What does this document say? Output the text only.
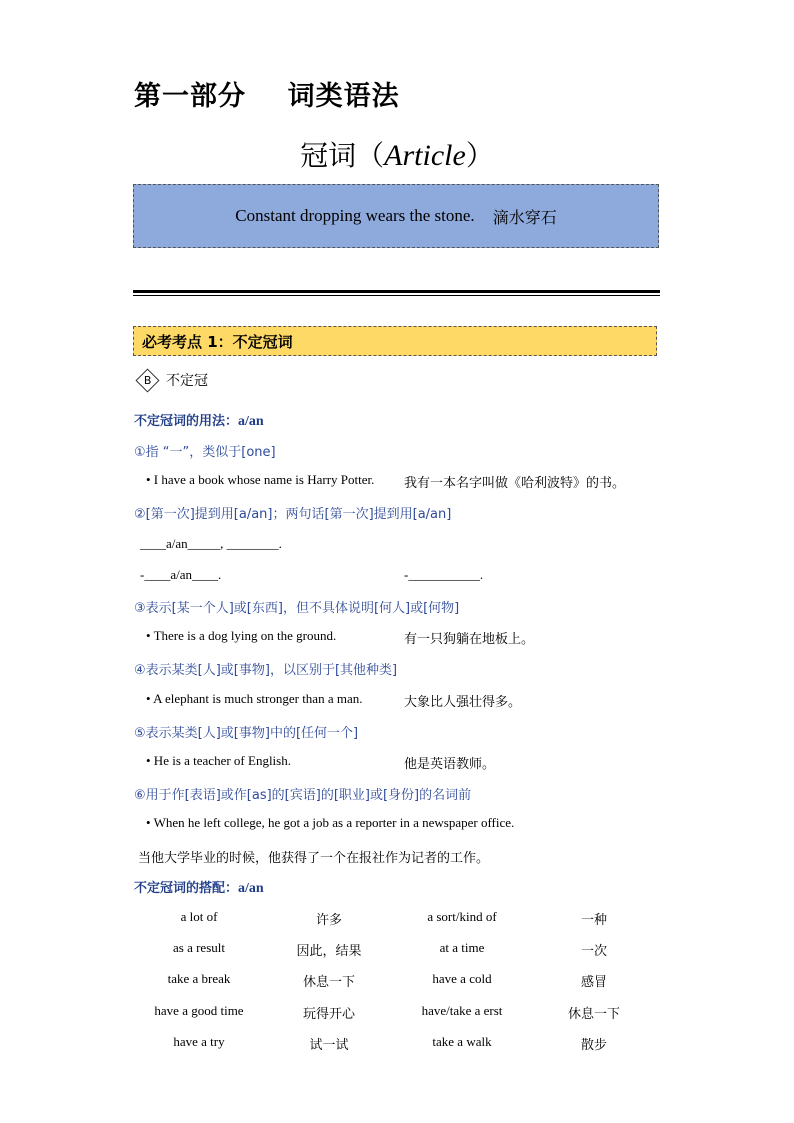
第一部分    词类语法
冠词（Article）
Constant dropping wears the stone. 滴水穿石
必考考点 1：不定冠词
B 不定冠
不定冠词的用法：a/an
①指 “一”，类似于[one]
• I have a book whose name is Harry Potter. 我有一本名字叫做《哈利波特》的书。
②[第一次]提到用[a/an]；两句话[第一次]提到用[a/an]
____a/an_____, ________.
-____a/an____.	-___________.
③表示[某一个人]或[东西]，但不具体说明[何人]或[何物]
• There is a dog lying on the ground.	有一只狗躺在地板上。
④表示某类[人]或[事物]，以区别于[其他种类]
• A elephant is much stronger than a man.	大象比人强壮得多。
⑤表示某类[人]或[事物]中的[任何一个]
• He is a teacher of English.	他是英语教师。
⑥用于作[表语]或作[as]的[宾语]的[职业]或[身份]的名词前
• When he left college, he got a job as a reporter in a newspaper office.
当他大学毕业的时候，他获得了一个在报社作为记者的工作。
不定冠词的搭配：a/an
a lot of	许多	a sort/kind of	一种
as a result	因此，结果	at a time	一次
take a break	休息一下	have a cold	感冒
have a good time	玩得开心	have/take a erst	休息一下
have a try	试一试	take a walk	散步
